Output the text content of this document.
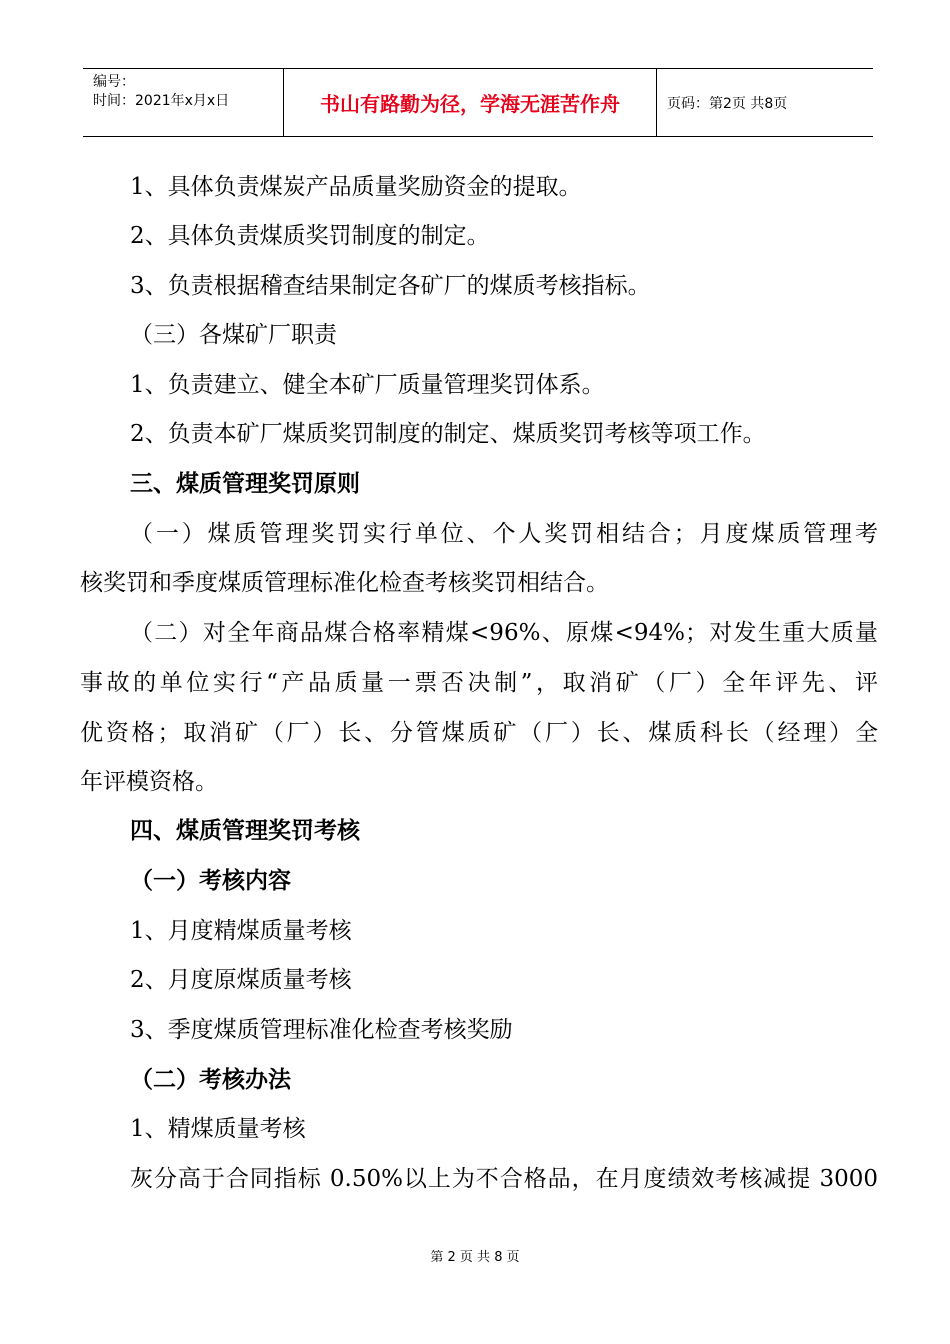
编号：
时间：2021年x月x日	书山有路勤为径，学海无涯苦作舟	页码：第2页 共8页
1、具体负责煤炭产品质量奖励资金的提取。
2、具体负责煤质奖罚制度的制定。
3、负责根据稽查结果制定各矿厂的煤质考核指标。
（三）各煤矿厂职责
1、负责建立、健全本矿厂质量管理奖罚体系。
2、负责本矿厂煤质奖罚制度的制定、煤质奖罚考核等项工作。
三、煤质管理奖罚原则
（一）煤质管理奖罚实行单位、个人奖罚相结合；月度煤质管理考
核奖罚和季度煤质管理标准化检查考核奖罚相结合。
（二）对全年商品煤合格率精煤<96%、原煤<94%；对发生重大质量
事故的单位实行“产品质量一票否决制”，取消矿（厂）全年评先、评
优资格；取消矿（厂）长、分管煤质矿（厂）长、煤质科长（经理）全
年评模资格。
四、煤质管理奖罚考核
（一）考核内容
1、月度精煤质量考核
2、月度原煤质量考核
3、季度煤质管理标准化检查考核奖励
（二）考核办法
1、精煤质量考核
灰分高于合同指标 0.50%以上为不合格品，在月度绩效考核减提 3000
第 2 页 共 8 页
